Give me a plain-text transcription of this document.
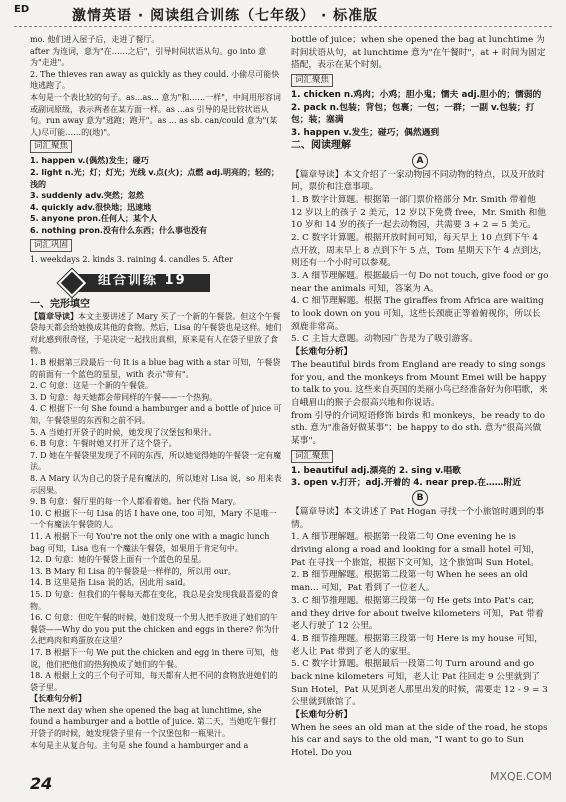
ED	激情英语 · 阅读组合训练（七年级） · 标准版

mo. 他们进入屋子后，走进了餐厅。

after 为连词，意为"在……之后"，引导时间状语从句。go into 意为"走进"。

2. The thieves ran away as quickly as they could. 小偷尽可能快地逃跑了。

本句是一个表比较的句子。as...as... 意为"和……一样"，中间用形容词或副词原级，表示两者在某方面一样。as ...as 引导的是比较状语从句。run away 意为"逃跑；跑开"。as ... as sb. can/could 意为"(某人)尽可能……的(地)"。

词汇聚焦

1. happen v.(偶然)发生；碰巧

2. light n.光；灯；灯光；光线 v.点(火)；点燃 adj.明亮的；轻的；浅的

3. suddenly adv.突然；忽然

4. quickly adv.很快地；迅速地

5. anyone pron.任何人；某个人

6. nothing pron.没有什么东西；什么事也没有

词汇巩固

1. weekdays 2. kinds 3. raining 4. candles 5. After

组合训练 19

一、完形填空

【篇章导读】本文主要讲述了 Mary 买了一个新的午餐袋。但这个午餐袋每天都会给她换成其他的食物。然后，Lisa 的午餐袋也是这样。她们对此感到很奇怪，于是决定一起找出真相，原来是有人在袋子里放了食物。

1. B 根据第三段最后一句 It is a blue bag with a star 可知，午餐袋的前面有一个蓝色的星星，with 表示"带有"。

2. C 句意：这是一个新的午餐袋。

3. D 句意：每天她都会带同样的午餐——一个热狗。

4. C 根据下一句 She found a hamburger and a bottle of juice 可知，午餐袋里的东西和之前不同。

5. A 当她打开袋子的时候，她发现了汉堡包和果汁。

6. B 句意：午餐时她又打开了这个袋子。

7. D 她在午餐袋里发现了不同的东西，所以她觉得她的午餐袋一定有魔法。

8. A Mary 认为自己的袋子是有魔法的，所以她对 Lisa 说，so 用来表示因果。

9. B 句意：餐厅里的每一个人都看着她。her 代指 Mary。

10. C 根据下一句 Lisa 的话 I have one, too 可知，Mary 不是唯一一个有魔法午餐袋的人。

11. A 根据下一句 You're not the only one with a magic lunch bag 可知，Lisa 也有一个魔法午餐袋，如果用于肯定句中。

12. D 句意：她的午餐袋上面有一个蓝色的星星。

13. B Mary 和 Lisa 的午餐袋是一样样的，所以用 our。

14. B 这里是指 Lisa 说的话，因此用 said。

15. D 句意：但我们的午餐每天都在变化，我总是会发现我最喜爱的食物。

16. C 句意：但吃午餐的时候，她们发现一个男人把手放进了她们的午餐袋——Why do you put the chicken and eggs in there? 你为什么把鸡肉和鸡蛋放在这里？

17. B 根据下一句 We put the chicken and egg in there 可知，他说，他们把他们的热狗换成了她们的午餐。

18. A 根据上文的三个句子可知，每天都有人把不同的食物放进她们的袋子里。

【长难句分析】

The next day when she opened the bag at lunchtime, she found a hamburger and a bottle of juice. 第二天，当她吃午餐打开袋子的时候，她发现袋子里有一个汉堡包和一瓶果汁。

本句是主从复合句。主句是 she found a hamburger and a

bottle of juice；when she opened the bag at lunchtime 为时间状语从句，at lunchtime 意为"在午餐时"，at + 时间为固定搭配，表示在某个时刻。

词汇聚焦

1. chicken n.鸡肉；小鸡；胆小鬼；懦夫 adj.胆小的；懦弱的

2. pack n.包装；背包；包裹；一包；一群；一副 v.包装；打包；装；塞满

3. happen v.发生；碰巧；偶然遇到

二、阅读理解

A

【篇章导读】本文介绍了一家动物园不同动物的特点，以及开放时间，票价和注意事项。

1. B 数字计算题。根据第一部门票价格部分 Mr. Smith 带着他 12 岁以上的孩子 2 美元，12 岁以下免费 free，Mr. Smith 和他 10 岁和 14 岁的孩子一起去动物园，共需要 3 + 2 = 5 美元。

2. C 数字计算题。根据开放时间可知，每天早上 10 点到下午 4 点开放，周末早上 8 点到下午 5 点，Tom 星期天下午 4 点到达，则还有一个小时可以参观。

3. A 细节理解题。根据最后一句 Do not touch, give food or go near the animals 可知，答案为 A。

4. C 细节理解题。根据 The giraffes from Africa are waiting to look down on you 可知，这些长颈鹿正等着俯视你，所以长颈鹿非常高。

5. C 主旨大意题。动物园广告是为了吸引游客。

【长难句分析】

The beautiful birds from England are ready to sing songs for you, and the monkeys from Mount Emei will be happy to talk to you. 这些来自英国的美丽小鸟已经准备好为你唱歌，来自峨眉山的猴子会很高兴地和你说话。

from 引导的介词短语修饰 birds 和 monkeys，be ready to do sth. 意为"准备好做某事"；be happy to do sth. 意为"很高兴做某事"。

词汇聚焦

1. beautiful adj.漂亮的 2. sing v.唱歌

3. open v.打开；adj.开着的 4. near prep.在……附近

B

【篇章导读】本文讲述了 Pat Hogan 寻找一个小旅馆时遇到的事情。

1. A 细节理解题。根据第一段第二句 One evening he is driving along a road and looking for a small hotel 可知，Pat 在寻找一个旅馆，根据下文可知，这个旅馆叫 Sun Hotel。

2. B 细节理解题。根据第二段第一句 When he sees an old man... 可知，Pat 看到了一位老人。

3. C 细节推理题。根据第三段第一句 He gets into Pat's car, and they drive for about twelve kilometers 可知，Pat 带着老人行驶了 12 公里。

4. B 细节推理题。根据第三段第一句 Here is my house 可知，老人让 Pat 带到了老人的家里。

5. C 数字计算题。根据最后一段第二句 Turn around and go back nine kilometers 可知，老人让 Pat 往回走 9 公里就到了 Sun Hotel，Pat 从见到老人那里出发的时候，需要走 12 - 9 = 3 公里就到旅馆了。

【长难句分析】

When he sees an old man at the side of the road, he stops his car and says to the old man, "I want to go to Sun Hotel. Do you

24	MXQE.COM
